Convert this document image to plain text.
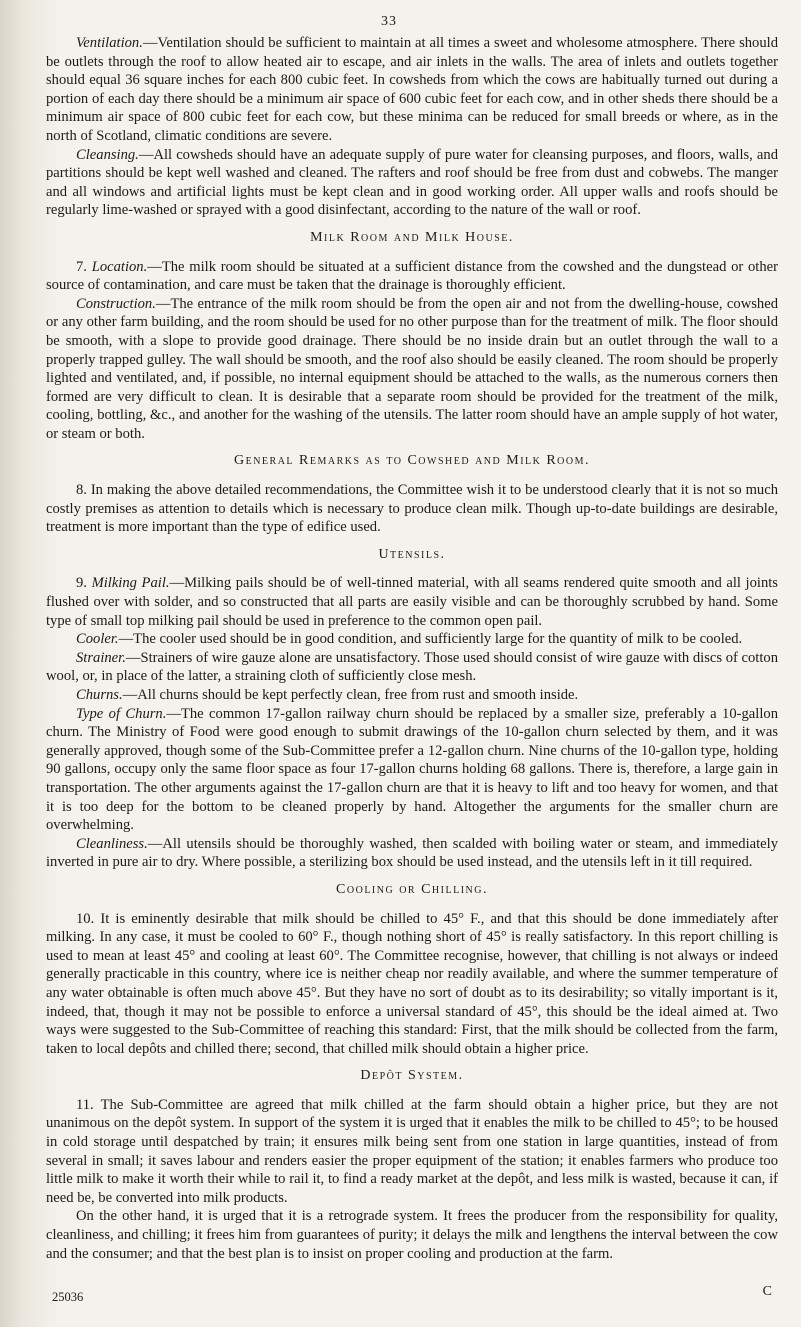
33

Ventilation.—Ventilation should be sufficient to maintain at all times a sweet and wholesome atmosphere. There should be outlets through the roof to allow heated air to escape, and air inlets in the walls. The area of inlets and outlets together should equal 36 square inches for each 800 cubic feet. In cowsheds from which the cows are habitually turned out during a portion of each day there should be a minimum air space of 600 cubic feet for each cow, and in other sheds there should be a minimum air space of 800 cubic feet for each cow, but these minima can be reduced for small breeds or where, as in the north of Scotland, climatic conditions are severe.

Cleansing.—All cowsheds should have an adequate supply of pure water for cleansing purposes, and floors, walls, and partitions should be kept well washed and cleaned. The rafters and roof should be free from dust and cobwebs. The manger and all windows and artificial lights must be kept clean and in good working order. All upper walls and roofs should be regularly lime-washed or sprayed with a good disinfectant, according to the nature of the wall or roof.

Milk Room and Milk House.

7. Location.—The milk room should be situated at a sufficient distance from the cowshed and the dungstead or other source of contamination, and care must be taken that the drainage is thoroughly efficient.

Construction.—The entrance of the milk room should be from the open air and not from the dwelling-house, cowshed or any other farm building, and the room should be used for no other purpose than for the treatment of milk. The floor should be smooth, with a slope to provide good drainage. There should be no inside drain but an outlet through the wall to a properly trapped gulley. The wall should be smooth, and the roof also should be easily cleaned. The room should be properly lighted and ventilated, and, if possible, no internal equipment should be attached to the walls, as the numerous corners then formed are very difficult to clean. It is desirable that a separate room should be provided for the treatment of the milk, cooling, bottling, &c., and another for the washing of the utensils. The latter room should have an ample supply of hot water, or steam or both.

General Remarks as to Cowshed and Milk Room.

8. In making the above detailed recommendations, the Committee wish it to be understood clearly that it is not so much costly premises as attention to details which is necessary to produce clean milk. Though up-to-date buildings are desirable, treatment is more important than the type of edifice used.

Utensils.

9. Milking Pail.—Milking pails should be of well-tinned material, with all seams rendered quite smooth and all joints flushed over with solder, and so constructed that all parts are easily visible and can be thoroughly scrubbed by hand. Some type of small top milking pail should be used in preference to the common open pail.

Cooler.—The cooler used should be in good condition, and sufficiently large for the quantity of milk to be cooled.

Strainer.—Strainers of wire gauze alone are unsatisfactory. Those used should consist of wire gauze with discs of cotton wool, or, in place of the latter, a straining cloth of sufficiently close mesh.

Churns.—All churns should be kept perfectly clean, free from rust and smooth inside.

Type of Churn.—The common 17-gallon railway churn should be replaced by a smaller size, preferably a 10-gallon churn. The Ministry of Food were good enough to submit drawings of the 10-gallon churn selected by them, and it was generally approved, though some of the Sub-Committee prefer a 12-gallon churn. Nine churns of the 10-gallon type, holding 90 gallons, occupy only the same floor space as four 17-gallon churns holding 68 gallons. There is, therefore, a large gain in transportation. The other arguments against the 17-gallon churn are that it is heavy to lift and too heavy for women, and that it is too deep for the bottom to be cleaned properly by hand. Altogether the arguments for the smaller churn are overwhelming.

Cleanliness.—All utensils should be thoroughly washed, then scalded with boiling water or steam, and immediately inverted in pure air to dry. Where possible, a sterilizing box should be used instead, and the utensils left in it till required.

Cooling or Chilling.

10. It is eminently desirable that milk should be chilled to 45° F., and that this should be done immediately after milking. In any case, it must be cooled to 60° F., though nothing short of 45° is really satisfactory. In this report chilling is used to mean at least 45° and cooling at least 60°. The Committee recognise, however, that chilling is not always or indeed generally practicable in this country, where ice is neither cheap nor readily available, and where the summer temperature of any water obtainable is often much above 45°. But they have no sort of doubt as to its desirability; so vitally important is it, indeed, that, though it may not be possible to enforce a universal standard of 45°, this should be the ideal aimed at. Two ways were suggested to the Sub-Committee of reaching this standard: First, that the milk should be collected from the farm, taken to local depôts and chilled there; second, that chilled milk should obtain a higher price.

Depôt System.

11. The Sub-Committee are agreed that milk chilled at the farm should obtain a higher price, but they are not unanimous on the depôt system. In support of the system it is urged that it enables the milk to be chilled to 45°; to be housed in cold storage until despatched by train; it ensures milk being sent from one station in large quantities, instead of from several in small; it saves labour and renders easier the proper equipment of the station; it enables farmers who produce too little milk to make it worth their while to rail it, to find a ready market at the depôt, and less milk is wasted, because it can, if need be, be converted into milk products.

On the other hand, it is urged that it is a retrograde system. It frees the producer from the responsibility for quality, cleanliness, and chilling; it frees him from guarantees of purity; it delays the milk and lengthens the interval between the cow and the consumer; and that the best plan is to insist on proper cooling and production at the farm.

25036	C
